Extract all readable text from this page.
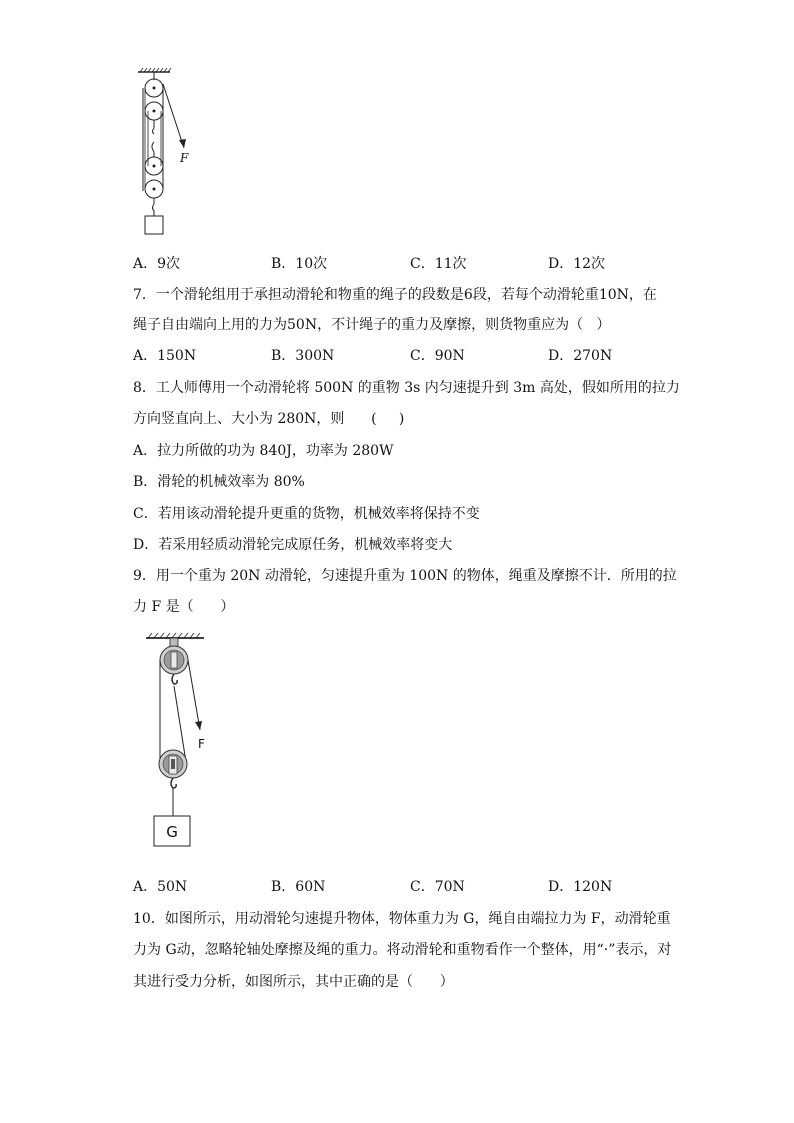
F
A．9次	B．10次	C．11次	D．12次
7．一个滑轮组用于承担动滑轮和物重的绳子的段数是6段，若每个动滑轮重10N，在
绳子自由端向上用的力为50N，不计绳子的重力及摩擦，则货物重应为（   ）
A．150N	B．300N	C．90N	D．270N
8．工人师傅用一个动滑轮将 500N 的重物 3s 内匀速提升到 3m 高处，假如所用的拉力
方向竖直向上、大小为 280N，则      (     )
A．拉力所做的功为 840J，功率为 280W
B．滑轮的机械效率为 80%
C．若用该动滑轮提升更重的货物，机械效率将保持不变
D．若采用轻质动滑轮完成原任务，机械效率将变大
9．用一个重为 20N 动滑轮，匀速提升重为 100N 的物体，绳重及摩擦不计．所用的拉
力 F 是（      ）
F
G
A．50N	B．60N	C．70N	D．120N
10．如图所示，用动滑轮匀速提升物体，物体重力为 G，绳自由端拉力为 F，动滑轮重
力为 G动，忽略轮轴处摩擦及绳的重力。将动滑轮和重物看作一个整体，用“·”表示，对
其进行受力分析，如图所示，其中正确的是（      ）
